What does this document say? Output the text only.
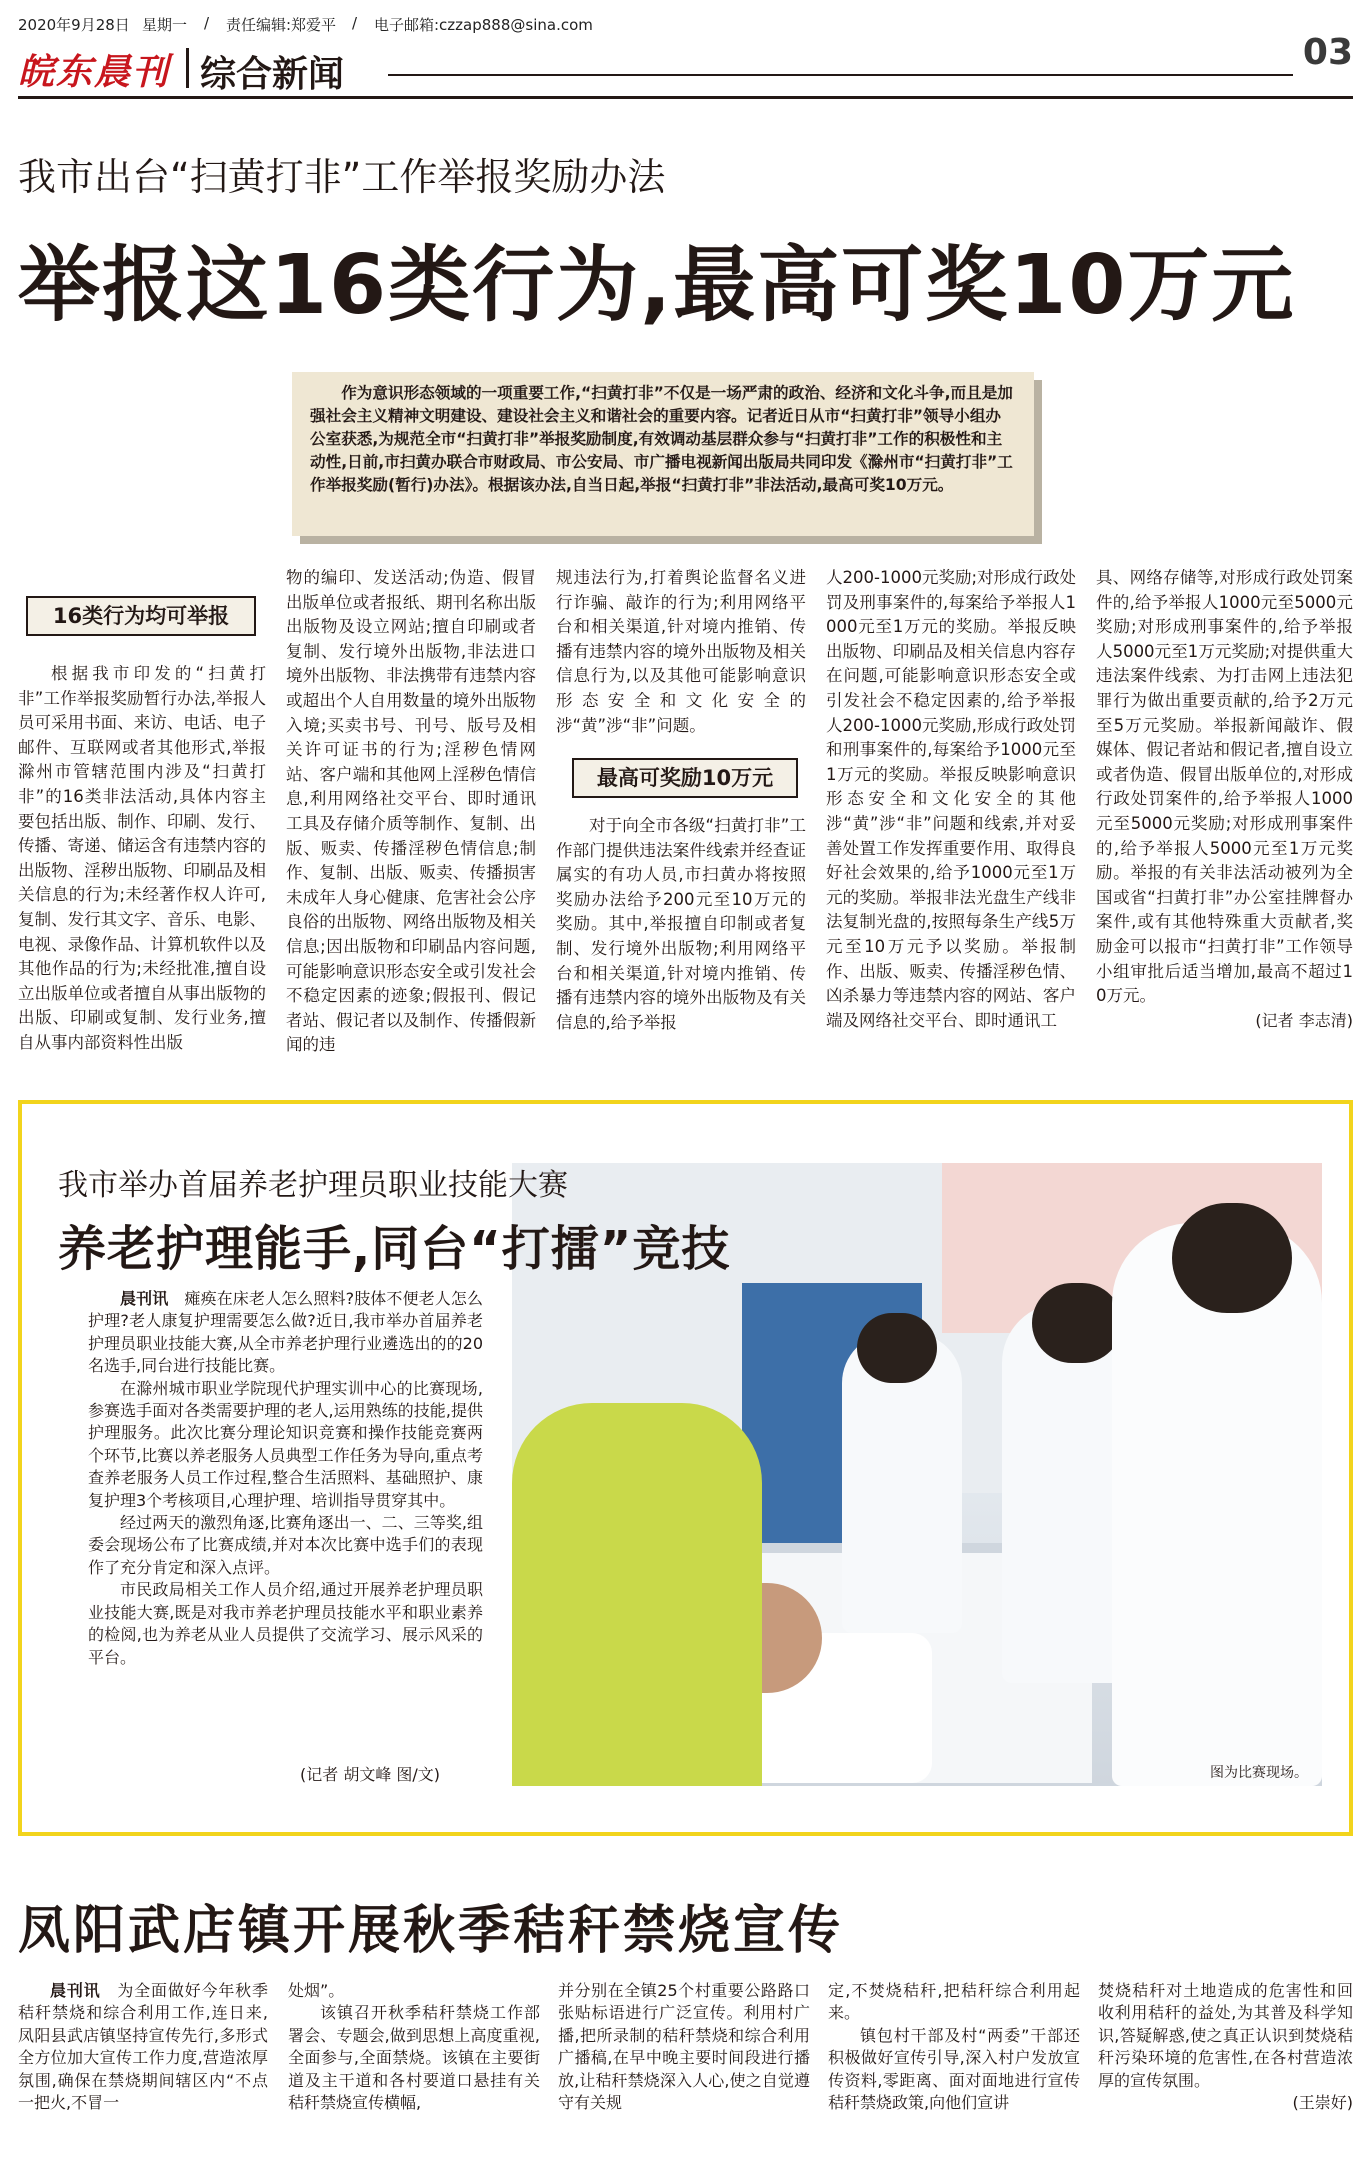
2020年9月28日 星期一 / 责任编辑:郑爱平 / 电子邮箱:czzap888@sina.com
皖东晨刊 综合新闻
03
我市出台“扫黄打非”工作举报奖励办法
举报这16类行为,最高可奖10万元
作为意识形态领域的一项重要工作,“扫黄打非”不仅是一场严肃的政治、经济和文化斗争,而且是加强社会主义精神文明建设、建设社会主义和谐社会的重要内容。记者近日从市“扫黄打非”领导小组办公室获悉,为规范全市“扫黄打非”举报奖励制度,有效调动基层群众参与“扫黄打非”工作的积极性和主动性,日前,市扫黄办联合市财政局、市公安局、市广播电视新闻出版局共同印发《滁州市“扫黄打非”工作举报奖励(暂行)办法》。根据该办法,自当日起,举报“扫黄打非”非法活动,最高可奖10万元。
16类行为均可举报

根据我市印发的“扫黄打非”工作举报奖励暂行办法,举报人员可采用书面、来访、电话、电子邮件、互联网或者其他形式,举报滁州市管辖范围内涉及“扫黄打非”的16类非法活动,具体内容主要包括出版、制作、印刷、发行、传播、寄递、储运含有违禁内容的出版物、淫秽出版物、印刷品及相关信息的行为;未经著作权人许可,复制、发行其文字、音乐、电影、电视、录像作品、计算机软件以及其他作品的行为;未经批准,擅自设立出版单位或者擅自从事出版物的出版、印刷或复制、发行业务,擅自从事内部资料性出版

物的编印、发送活动;伪造、假冒出版单位或者报纸、期刊名称出版出版物及设立网站;擅自印刷或者复制、发行境外出版物,非法进口境外出版物、非法携带有违禁内容或超出个人自用数量的境外出版物入境;买卖书号、刊号、版号及相关许可证书的行为;淫秽色情网站、客户端和其他网上淫秽色情信息,利用网络社交平台、即时通讯工具及存储介质等制作、复制、出版、贩卖、传播淫秽色情信息;制作、复制、出版、贩卖、传播损害未成年人身心健康、危害社会公序良俗的出版物、网络出版物及相关信息;因出版物和印刷品内容问题,可能影响意识形态安全或引发社会不稳定因素的迹象;假报刊、假记者站、假记者以及制作、传播假新闻的违

规违法行为,打着舆论监督名义进行诈骗、敲诈的行为;利用网络平台和相关渠道,针对境内推销、传播有违禁内容的境外出版物及相关信息行为,以及其他可能影响意识形态安全和文化安全的涉“黄”涉“非”问题。

最高可奖励10万元

对于向全市各级“扫黄打非”工作部门提供违法案件线索并经查证属实的有功人员,市扫黄办将按照奖励办法给予200元至10万元的奖励。其中,举报擅自印制或者复制、发行境外出版物;利用网络平台和相关渠道,针对境内推销、传播有违禁内容的境外出版物及有关信息的,给予举报

人200-1000元奖励;对形成行政处罚及刑事案件的,每案给予举报人1000元至1万元的奖励。举报反映出版物、印刷品及相关信息内容存在问题,可能影响意识形态安全或引发社会不稳定因素的,给予举报人200-1000元奖励,形成行政处罚和刑事案件的,每案给予1000元至1万元的奖励。举报反映影响意识形态安全和文化安全的其他涉“黄”涉“非”问题和线索,并对妥善处置工作发挥重要作用、取得良好社会效果的,给予1000元至1万元的奖励。举报非法光盘生产线非法复制光盘的,按照每条生产线5万元至10万元予以奖励。举报制作、出版、贩卖、传播淫秽色情、凶杀暴力等违禁内容的网站、客户端及网络社交平台、即时通讯工

具、网络存储等,对形成行政处罚案件的,给予举报人1000元至5000元奖励;对形成刑事案件的,给予举报人5000元至1万元奖励;对提供重大违法案件线索、为打击网上违法犯罪行为做出重要贡献的,给予2万元至5万元奖励。举报新闻敲诈、假媒体、假记者站和假记者,擅自设立或者伪造、假冒出版单位的,对形成行政处罚案件的,给予举报人1000元至5000元奖励;对形成刑事案件的,给予举报人5000元至1万元奖励。举报的有关非法活动被列为全国或省“扫黄打非”办公室挂牌督办案件,或有其他特殊重大贡献者,奖励金可以报市“扫黄打非”工作领导小组审批后适当增加,最高不超过10万元。

(记者 李志清)
图为比赛现场。
我市举办首届养老护理员职业技能大赛
养老护理能手,同台“打擂”竞技

晨刊讯　 瘫痪在床老人怎么照料?肢体不便老人怎么护理?老人康复护理需要怎么做?近日,我市举办首届养老护理员职业技能大赛,从全市养老护理行业遴选出的的20名选手,同台进行技能比赛。

在滁州城市职业学院现代护理实训中心的比赛现场,参赛选手面对各类需要护理的老人,运用熟练的技能,提供护理服务。此次比赛分理论知识竞赛和操作技能竞赛两个环节,比赛以养老服务人员典型工作任务为导向,重点考查养老服务人员工作过程,整合生活照料、基础照护、康复护理3个考核项目,心理护理、培训指导贯穿其中。

经过两天的激烈角逐,比赛角逐出一、二、三等奖,组委会现场公布了比赛成绩,并对本次比赛中选手们的表现作了充分肯定和深入点评。

市民政局相关工作人员介绍,通过开展养老护理员职业技能大赛,既是对我市养老护理员技能水平和职业素养的检阅,也为养老从业人员提供了交流学习、展示风采的平台。

(记者 胡文峰 图/文)
凤阳武店镇开展秋季秸秆禁烧宣传

晨刊讯　 为全面做好今年秋季秸秆禁烧和综合利用工作,连日来,凤阳县武店镇坚持宣传先行,多形式全方位加大宣传工作力度,营造浓厚氛围,确保在禁烧期间辖区内“不点一把火,不冒一

处烟”。

该镇召开秋季秸秆禁烧工作部署会、专题会,做到思想上高度重视,全面参与,全面禁烧。该镇在主要街道及主干道和各村要道口悬挂有关秸秆禁烧宣传横幅,

并分别在全镇25个村重要公路路口张贴标语进行广泛宣传。利用村广播,把所录制的秸秆禁烧和综合利用广播稿,在早中晚主要时间段进行播放,让秸秆禁烧深入人心,使之自觉遵守有关规

定,不焚烧秸秆,把秸秆综合利用起来。

镇包村干部及村“两委”干部还积极做好宣传引导,深入村户发放宣传资料,零距离、面对面地进行宣传秸秆禁烧政策,向他们宣讲

焚烧秸秆对土地造成的危害性和回收利用秸秆的益处,为其普及科学知识,答疑解惑,使之真正认识到焚烧秸秆污染环境的危害性,在各村营造浓厚的宣传氛围。

(王崇好)
